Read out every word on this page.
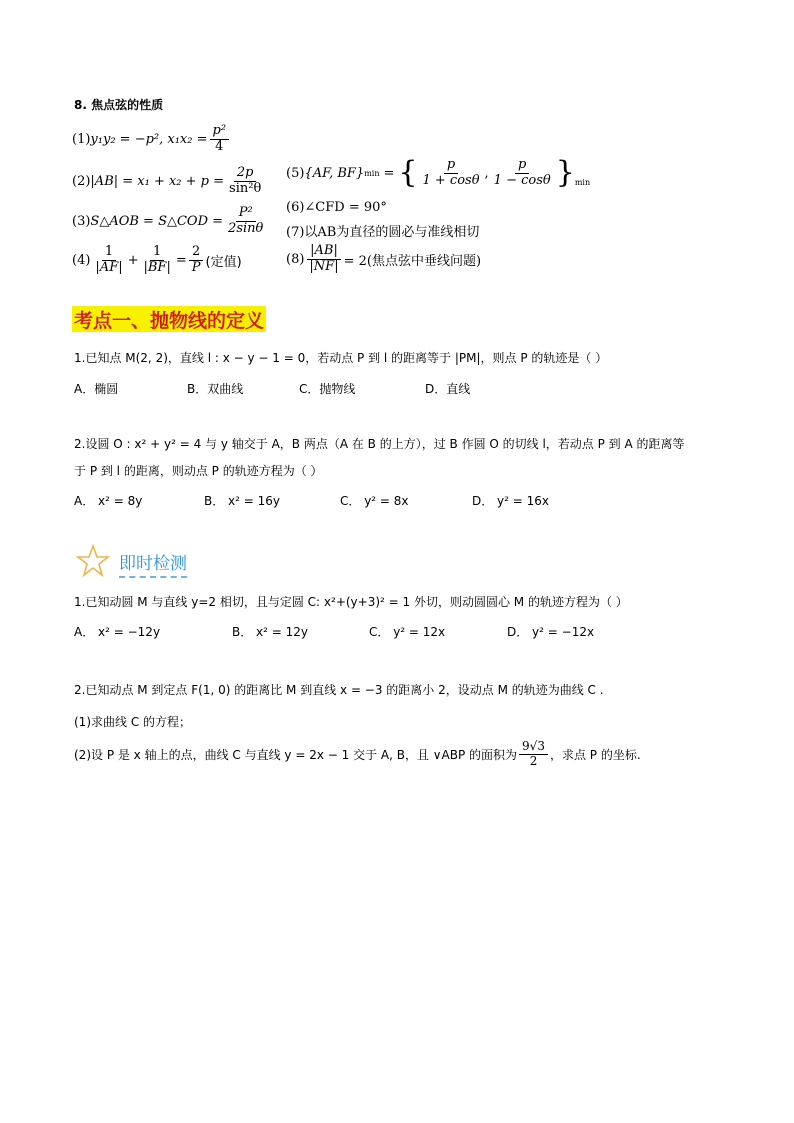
8. 焦点弦的性质
(1) y₁y₂ = −p², $x_1x_2 = \frac{\text{p²}}{4}$
(2) $|AB| = x_1 + x_2 + p = \frac{2p}{\text{sin²θ}}$
(3) S△AOB = S△COD = $\frac{\text{P²}}{2\sin\theta}$
$(4) \frac{1}{|AF|} + \frac{1}{|BF|} = \frac{2}{P}$ (定值)
(5) {AF, BF} min = { $\frac{p}{1 + \cos\theta}$ , $\frac{p}{1 - \cos\theta}$ } min
(6)∠CFD = 90°
(7)以AB为直径的圆必与准线相切
$(8) \frac{|AB|}{|NF|} = 2$(焦点弦中垂线问题)
考点一、抛物线的定义
1.已知点 M(2, 2)，直线 l : x − y − 1 = 0，若动点 P 到 l 的距离等于 |PM|，则点 P 的轨迹是（ ）
A．椭圆	B．双曲线	C．抛物线	D．直线
2.设圆 O : x² + y² = 4 与 y 轴交于 A，B 两点（A 在 B 的上方），过 B 作圆 O 的切线 l，若动点 P 到 A 的距离等
于 P 到 l 的距离，则动点 P 的轨迹方程为（ ）
A． x² = 8y	B． x² = 16y	C． y² = 8x	D． y² = 16x
即时检测
1.已知动圆 M 与直线 y=2 相切，且与定圆 C: x²+(y+3)² = 1 外切，则动圆圆心 M 的轨迹方程为（ ）
A． x² = −12y	B． x² = 12y	C． y² = 12x	D． y² = −12x
2.已知动点 M 到定点 F(1, 0) 的距离比 M 到直线 x = −3 的距离小 2，设动点 M 的轨迹为曲线 C .
(1)求曲线 C 的方程；
(2)设 P 是 x 轴上的点，曲线 C 与直线 y = 2x − 1 交于 A, B，且 ∨ABP 的面积为 $\frac{9√3}{2}$ ，求点 P 的坐标.
